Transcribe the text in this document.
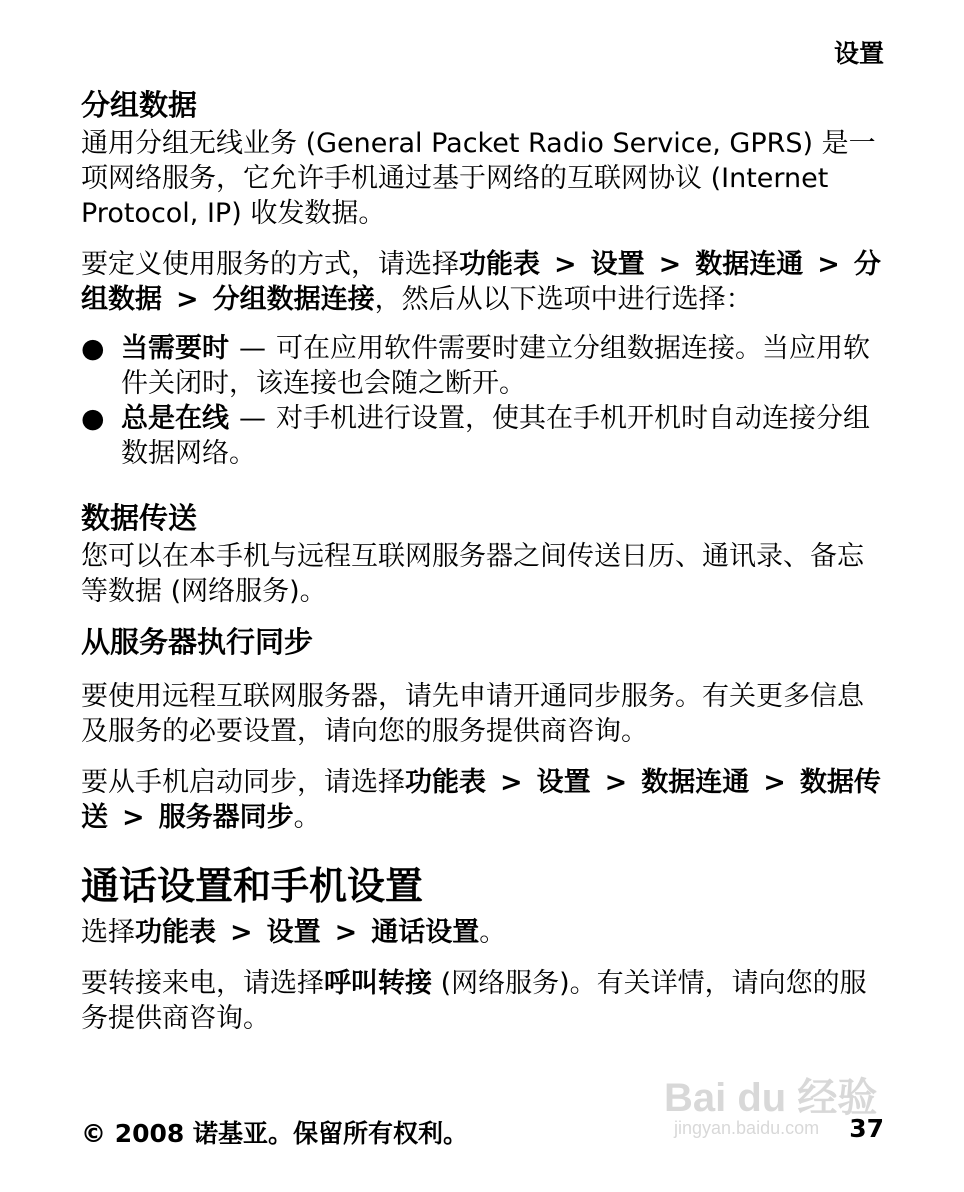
设置
分组数据

通用分组无线业务 (General Packet Radio Service, GPRS) 是一项网络服务，它允许手机通过基于网络的互联网协议 (Internet Protocol, IP) 收发数据。

要定义使用服务的方式，请选择功能表 > 设置 > 数据连通 > 分组数据 > 分组数据连接，然后从以下选项中进行选择：

● 当需要时 — 可在应用软件需要时建立分组数据连接。当应用软件关闭时，该连接也会随之断开。
● 总是在线 — 对手机进行设置，使其在手机开机时自动连接分组数据网络。
数据传送

您可以在本手机与远程互联网服务器之间传送日历、通讯录、备忘等数据 (网络服务)。

从服务器执行同步

要使用远程互联网服务器，请先申请开通同步服务。有关更多信息及服务的必要设置，请向您的服务提供商咨询。

要从手机启动同步，请选择功能表 > 设置 > 数据连通 > 数据传送 > 服务器同步。

通话设置和手机设置

选择功能表 > 设置 > 通话设置。

要转接来电，请选择呼叫转接 (网络服务)。有关详情，请向您的服务提供商咨询。

Bai du 经验
jingyan.baidu.com
© 2008 诺基亚。保留所有权利。	37
